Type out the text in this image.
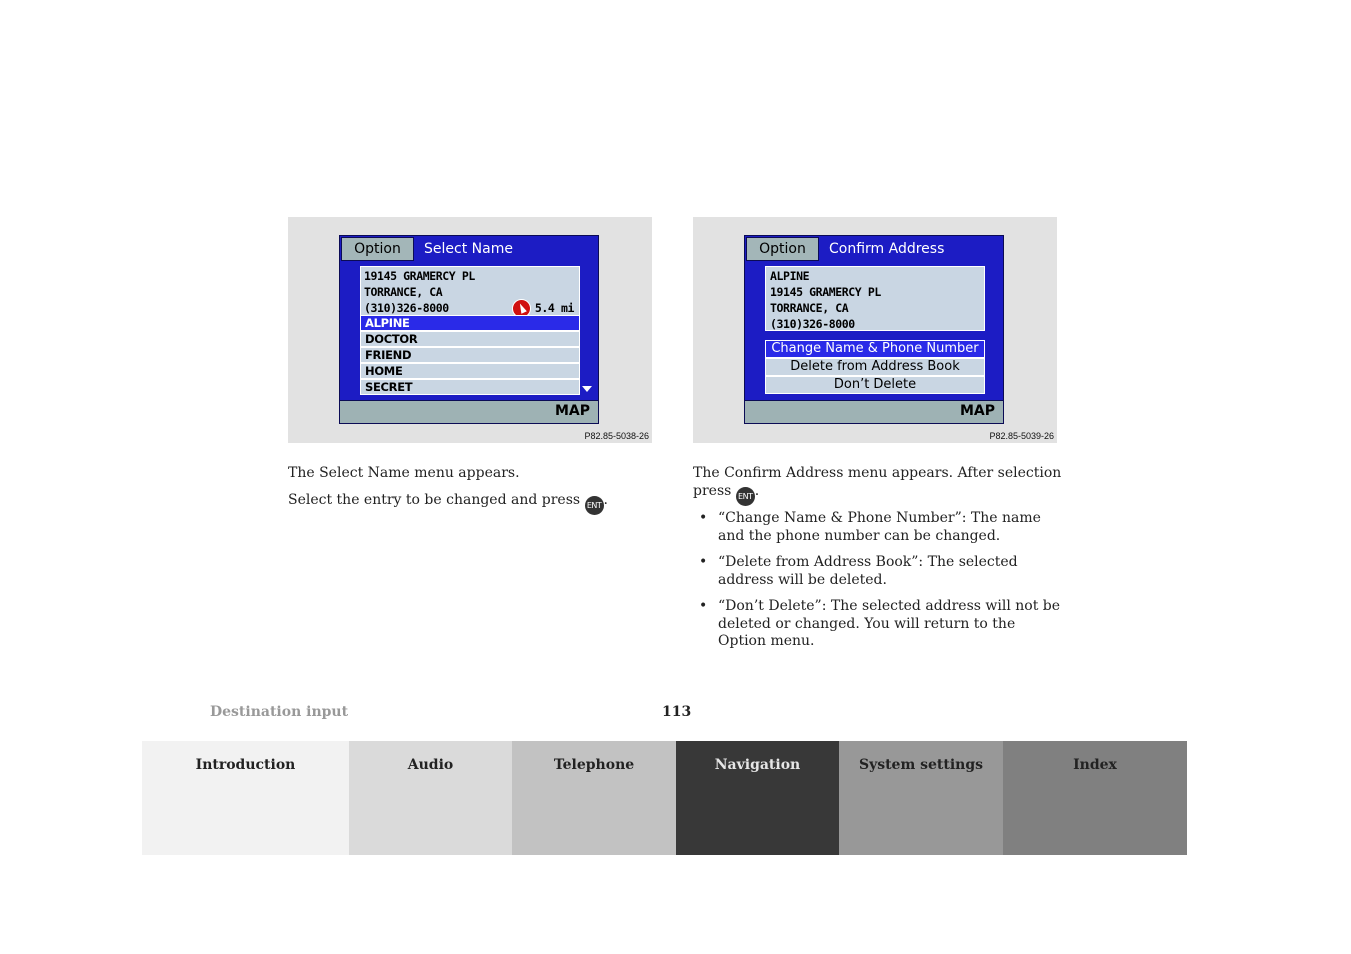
Option	Select Name
19145 GRAMERCY PL
TORRANCE, CA
(310)326-8000	5.4 mi
ALPINE
DOCTOR
FRIEND
HOME
SECRET
MAP
P82.85-5038-26
Option	Confirm Address
ALPINE
19145 GRAMERCY PL
TORRANCE, CA
(310)326-8000
Change Name & Phone Number
Delete from Address Book
Don’t Delete
MAP
P82.85-5039-26
The Select Name menu appears.
Select the entry to be changed and press ENT .
The Confirm Address menu appears. After selection
press ENT .
• “Change Name & Phone Number”: The name and the phone number can be changed.
• “Delete from Address Book”: The selected address will be deleted.
• “Don’t Delete”: The selected address will not be deleted or changed. You will return to the Option menu.
Destination input	113
Introduction	Audio	Telephone	Navigation	System settings	Index
